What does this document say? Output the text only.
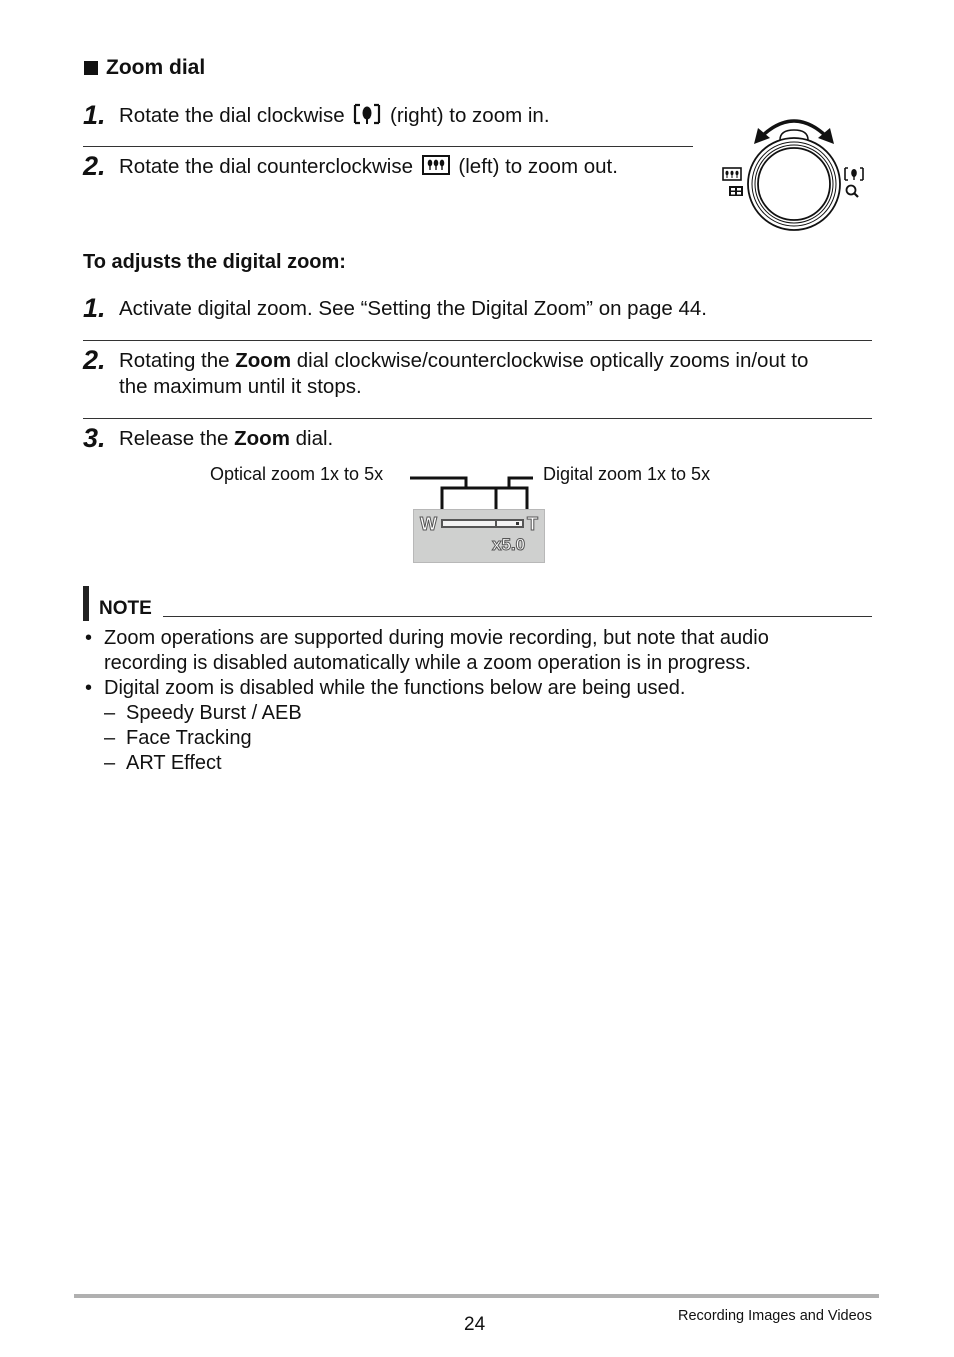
Zoom dial
1. Rotate the dial clockwise (right) to zoom in.
2. Rotate the dial counterclockwise (left) to zoom out.
To adjusts the digital zoom:
1. Activate digital zoom. See “Setting the Digital Zoom” on page 44.
2. Rotating the Zoom dial clockwise/counterclockwise optically zooms in/out to
the maximum until it stops.
3. Release the Zoom dial.
Optical zoom 1x to 5x	Digital zoom 1x to 5x
W	T
x5.0
NOTE
• Zoom operations are supported during movie recording, but note that audio
recording is disabled automatically while a zoom operation is in progress.
• Digital zoom is disabled while the functions below are being used.
– Speedy Burst / AEB
– Face Tracking
– ART Effect
24	Recording Images and Videos
